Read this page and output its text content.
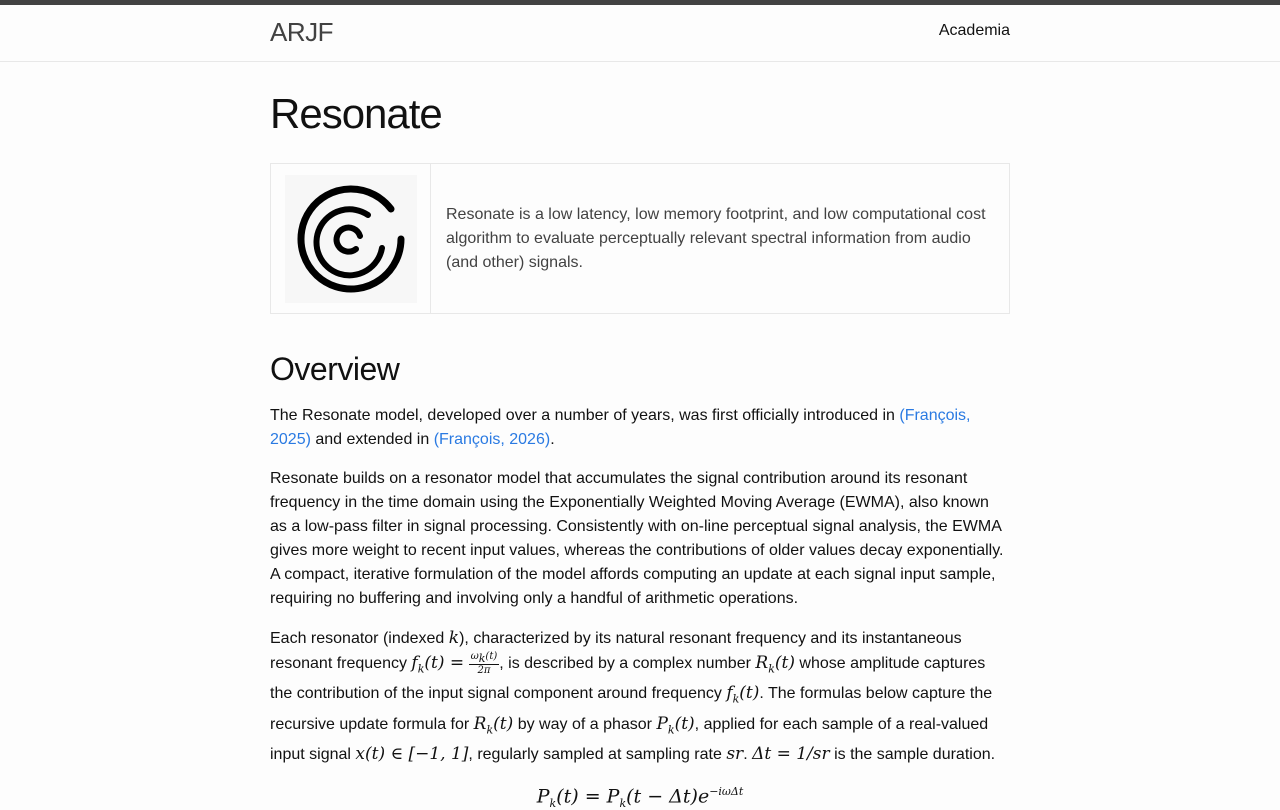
ARJF	Academia
Resonate
Resonate is a low latency, low memory footprint, and low computational cost algorithm to evaluate perceptually relevant spectral information from audio (and other) signals.
Overview

The Resonate model, developed over a number of years, was first officially introduced in (François, 2025) and extended in (François, 2026).

Resonate builds on a resonator model that accumulates the signal contribution around its resonant frequency in the time domain using the Exponentially Weighted Moving Average (EWMA), also known as a low-pass filter in signal processing. Consistently with on-line perceptual signal analysis, the EWMA gives more weight to recent input values, whereas the contributions of older values decay exponentially. A compact, iterative formulation of the model affords computing an update at each signal input sample, requiring no buffering and involving only a handful of arithmetic operations.

Each resonator (indexed k), characterized by its natural resonant frequency and its instantaneous resonant frequency $f_k(t) = \frac{\omega_k(t)}{2\pi}$ , is described by a complex number $R_k(t)$ whose amplitude captures the contribution of the input signal component around frequency $f_k(t)$. The formulas below capture the recursive update formula for $R_k(t)$ by way of a phasor $P_k(t)$, applied for each sample of a real-valued input signal x(t) ∈ [−1, 1], regularly sampled at sampling rate sr. Δt = 1/sr is the sample duration.

$P_k(t) = P_k(t - \Delta t)e^{-i\omega\Delta t}$
